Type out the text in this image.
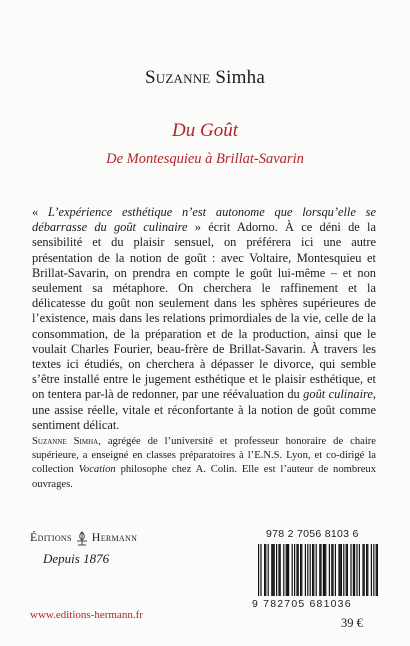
Suzanne Simha
Du Goût
De Montesquieu à Brillat-Savarin

« L’expérience esthétique n’est autonome que lorsqu’elle se débarrasse du goût culinaire » écrit Adorno. À ce déni de la sensibilité et du plaisir sensuel, on préférera ici une autre présentation de la notion de goût : avec Voltaire, Montesquieu et Brillat-Savarin, on prendra en compte le goût lui-même – et non seulement sa métaphore. On cherchera le raffinement et la délicatesse du goût non seulement dans les sphères supérieures de l’existence, mais dans les relations primordiales de la vie, celle de la consommation, de la préparation et de la production, ainsi que le voulait Charles Fourier, beau-frère de Brillat-Savarin. À travers les textes ici étudiés, on cherchera à dépasser le divorce, qui semble s’être installé entre le jugement esthétique et le plaisir esthétique, et on tentera par-là de redonner, par une réévaluation du goût culinaire, une assise réelle, vitale et réconfortante à la notion de goût comme sentiment délicat.

Suzanne Simha, agrégée de l’université et professeur honoraire de chaire supérieure, a enseigné en classes préparatoires à l’E.N.S. Lyon, et co-dirigé la collection Vocation philosophe chez A. Colin. Elle est l’auteur de nombreux ouvrages.
Éditions Hermann
Depuis 1876
978 2 7056 8103 6
9 782705 681036
www.editions-hermann.fr
39 €
